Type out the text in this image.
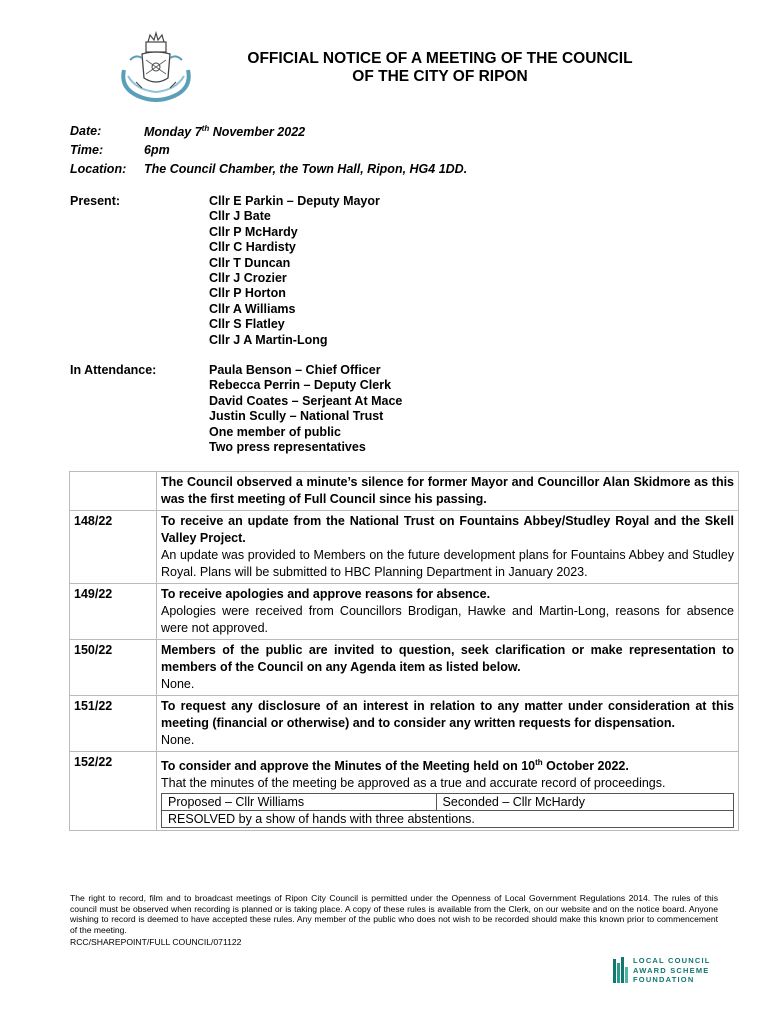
OFFICIAL NOTICE OF A MEETING OF THE COUNCIL
OF THE CITY OF RIPON
Date:	Monday 7th November 2022
Time:	6pm
Location:	The Council Chamber, the Town Hall, Ripon, HG4 1DD.
Present:	Cllr E Parkin – Deputy Mayor
Cllr J Bate
Cllr P McHardy
Cllr C Hardisty
Cllr T Duncan
Cllr J Crozier
Cllr P Horton
Cllr A Williams
Cllr S Flatley
Cllr J A Martin-Long
In Attendance:	Paula Benson – Chief Officer
Rebecca Perrin – Deputy Clerk
David Coates – Serjeant At Mace
Justin Scully – National Trust
One member of public
Two press representatives
	The Council observed a minute’s silence for former Mayor and Councillor Alan Skidmore as this was the first meeting of Full Council since his passing.
148/22	To receive an update from the National Trust on Fountains Abbey/Studley Royal and the Skell Valley Project.
An update was provided to Members on the future development plans for Fountains Abbey and Studley Royal. Plans will be submitted to HBC Planning Department in January 2023.

149/22	To receive apologies and approve reasons for absence.
Apologies were received from Councillors Brodigan, Hawke and Martin-Long, reasons for absence were not approved.

150/22	Members of the public are invited to question, seek clarification or make representation to members of the Council on any Agenda item as listed below.
None.

151/22	To request any disclosure of an interest in relation to any matter under consideration at this meeting (financial or otherwise) and to consider any written requests for dispensation.
None.

152/22	To consider and approve the Minutes of the Meeting held on 10th October 2022.
That the minutes of the meeting be approved as a true and accurate record of proceedings.
Proposed – Cllr Williams	Seconded – Cllr McHardy
RESOLVED by a show of hands with three abstentions.
The right to record, film and to broadcast meetings of Ripon City Council is permitted under the Openness of Local Government Regulations 2014. The rules of this council must be observed when recording is planned or is taking place. A copy of these rules is available from the Clerk, on our website and on the notice board. Anyone wishing to record is deemed to have accepted these rules. Any member of the public who does not wish to be recorded should make this known prior to commencement of the meeting.
RCC/SHAREPOINT/FULL COUNCIL/071122
LOCAL COUNCIL
AWARD SCHEME
FOUNDATION
